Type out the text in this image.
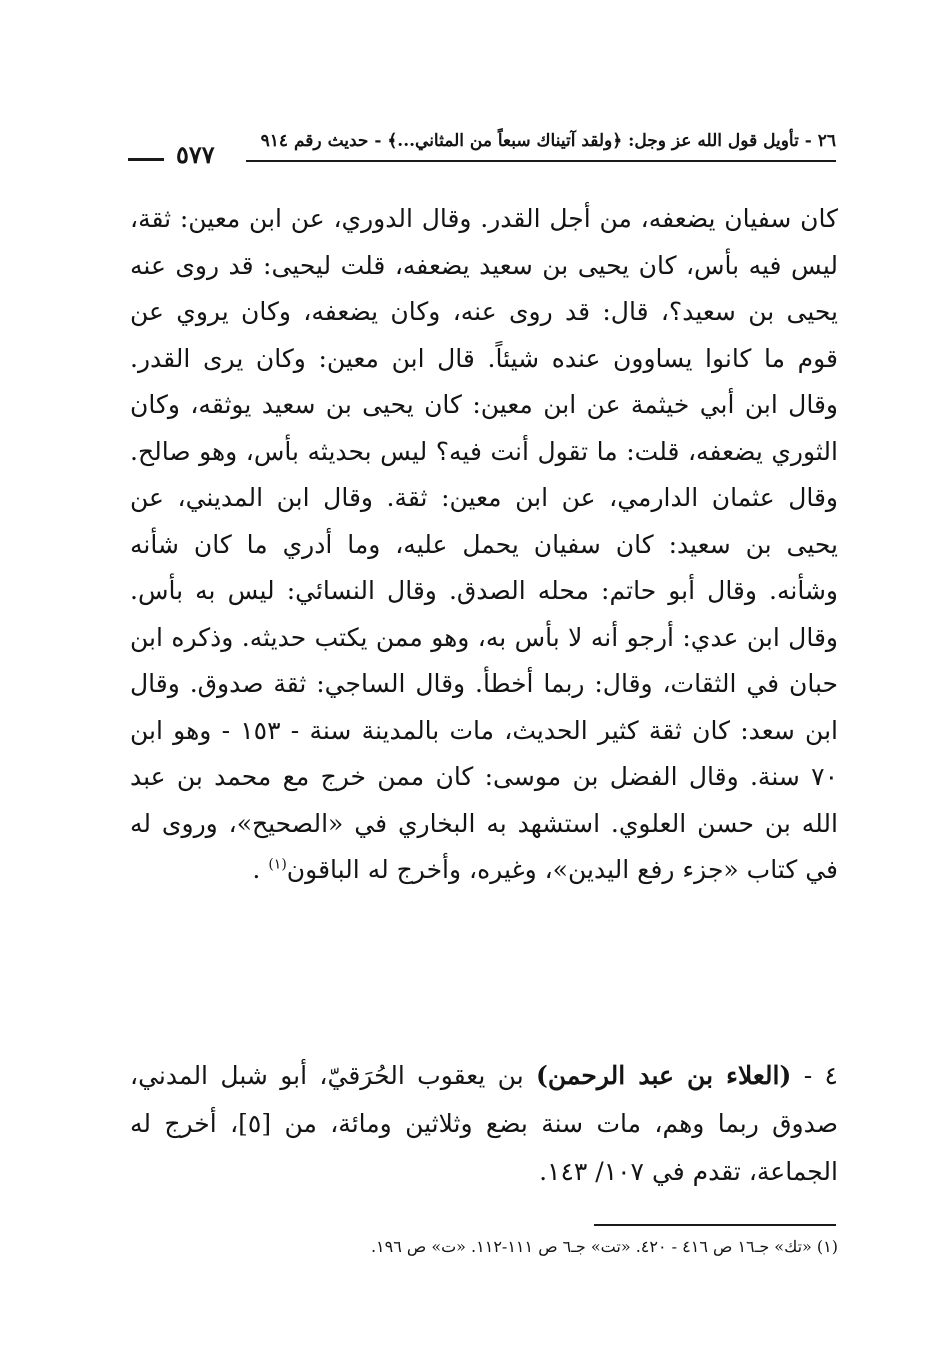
٢٦ - تأويل قول الله عز وجل: ﴿ولقد آتيناك سبعاً من المثاني...﴾ - حديث رقم ٩١٤
٥٧٧

كان سفيان يضعفه، من أجل القدر. وقال الدوري، عن ابن معين: ثقة، ليس فيه بأس، كان يحيى بن سعيد يضعفه، قلت ليحيى: قد روى عنه يحيى بن سعيد؟، قال: قد روى عنه، وكان يضعفه، وكان يروي عن قوم ما كانوا يساوون عنده شيئاً. قال ابن معين: وكان يرى القدر. وقال ابن أبي خيثمة عن ابن معين: كان يحيى بن سعيد يوثقه، وكان الثوري يضعفه، قلت: ما تقول أنت فيه؟ ليس بحديثه بأس، وهو صالح. وقال عثمان الدارمي، عن ابن معين: ثقة. وقال ابن المديني، عن يحيى بن سعيد: كان سفيان يحمل عليه، وما أدري ما كان شأنه وشأنه. وقال أبو حاتم: محله الصدق. وقال النسائي: ليس به بأس. وقال ابن عدي: أرجو أنه لا بأس به، وهو ممن يكتب حديثه. وذكره ابن حبان في الثقات، وقال: ربما أخطأ. وقال الساجي: ثقة صدوق. وقال ابن سعد: كان ثقة كثير الحديث، مات بالمدينة سنة - ١٥٣ - وهو ابن ٧٠ سنة. وقال الفضل بن موسى: كان ممن خرج مع محمد بن عبد الله بن حسن العلوي. استشهد به البخاري في «الصحيح»، وروى له في كتاب «جزء رفع اليدين»، وغيره، وأخرج له الباقون$^{(١)}$ .

٤ - (العلاء بن عبد الرحمن) بن يعقوب الحُرَقيّ، أبو شبل المدني، صدوق ربما وهم، مات سنة بضع وثلاثين ومائة، من [٥]، أخرج له الجماعة، تقدم في ١٠٧/ ١٤٣.

(١) «تك» جـ١٦ ص ٤١٦ - ٤٢٠. «تت» جـ٦ ص ١١١-١١٢. «ت» ص ١٩٦.
